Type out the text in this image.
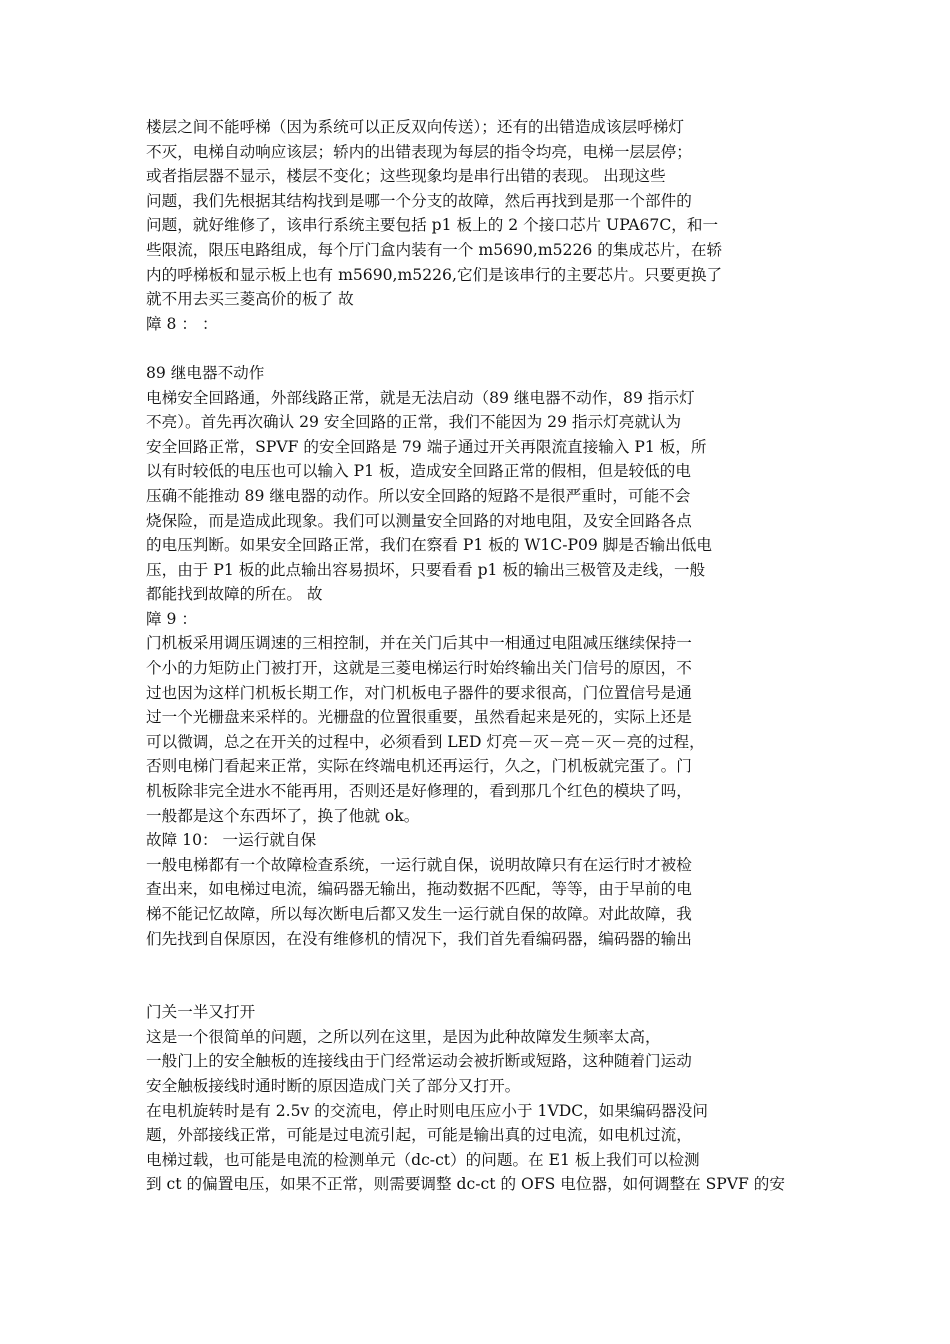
楼层之间不能呼梯（因为系统可以正反双向传送）；还有的出错造成该层呼梯灯
不灭，电梯自动响应该层；轿内的出错表现为每层的指令均亮，电梯一层层停；
或者指层器不显示，楼层不变化；这些现象均是串行出错的表现。 出现这些
问题，我们先根据其结构找到是哪一个分支的故障，然后再找到是那一个部件的
问题，就好维修了，该串行系统主要包括 p1 板上的 2 个接口芯片 UPA67C，和一
些限流，限压电路组成，每个厅门盒内装有一个 m5690,m5226 的集成芯片，在轿
内的呼梯板和显示板上也有 m5690,m5226,它们是该串行的主要芯片。只要更换了
就不用去买三菱高价的板了 故
障 8 ： ：
89 继电器不动作
电梯安全回路通，外部线路正常，就是无法启动（89 继电器不动作，89 指示灯
不亮）。首先再次确认 29 安全回路的正常，我们不能因为 29 指示灯亮就认为
安全回路正常，SPVF 的安全回路是 79 端子通过开关再限流直接输入 P1 板，所
以有时较低的电压也可以输入 P1 板，造成安全回路正常的假相，但是较低的电
压确不能推动 89 继电器的动作。所以安全回路的短路不是很严重时，可能不会
烧保险，而是造成此现象。我们可以测量安全回路的对地电阻，及安全回路各点
的电压判断。如果安全回路正常，我们在察看 P1 板的 W1C-P09 脚是否输出低电
压，由于 P1 板的此点输出容易损坏，只要看看 p1 板的输出三极管及走线，一般
都能找到故障的所在。 故
障 9 ：
门机板采用调压调速的三相控制，并在关门后其中一相通过电阻减压继续保持一
个小的力矩防止门被打开，这就是三菱电梯运行时始终输出关门信号的原因，不
过也因为这样门机板长期工作，对门机板电子器件的要求很高，门位置信号是通
过一个光栅盘来采样的。光栅盘的位置很重要，虽然看起来是死的，实际上还是
可以微调，总之在开关的过程中，必须看到 LED 灯亮－灭－亮－灭－亮的过程，
否则电梯门看起来正常，实际在终端电机还再运行，久之，门机板就完蛋了。门
机板除非完全进水不能再用，否则还是好修理的，看到那几个红色的模块了吗，
一般都是这个东西坏了，换了他就 ok。
故障 10： 一运行就自保
一般电梯都有一个故障检查系统，一运行就自保，说明故障只有在运行时才被检
查出来，如电梯过电流，编码器无输出，拖动数据不匹配，等等，由于早前的电
梯不能记忆故障，所以每次断电后都又发生一运行就自保的故障。对此故障，我
们先找到自保原因，在没有维修机的情况下，我们首先看编码器，编码器的输出
门关一半又打开
这是一个很简单的问题，之所以列在这里，是因为此种故障发生频率太高，
一般门上的安全触板的连接线由于门经常运动会被折断或短路，这种随着门运动
安全触板接线时通时断的原因造成门关了部分又打开。
在电机旋转时是有 2.5v 的交流电，停止时则电压应小于 1VDC，如果编码器没问
题，外部接线正常，可能是过电流引起，可能是输出真的过电流，如电机过流，
电梯过载，也可能是电流的检测单元（dc-ct）的问题。在 E1 板上我们可以检测
到 ct 的偏置电压，如果不正常，则需要调整 dc-ct 的 OFS 电位器，如何调整在 SPVF 的安
